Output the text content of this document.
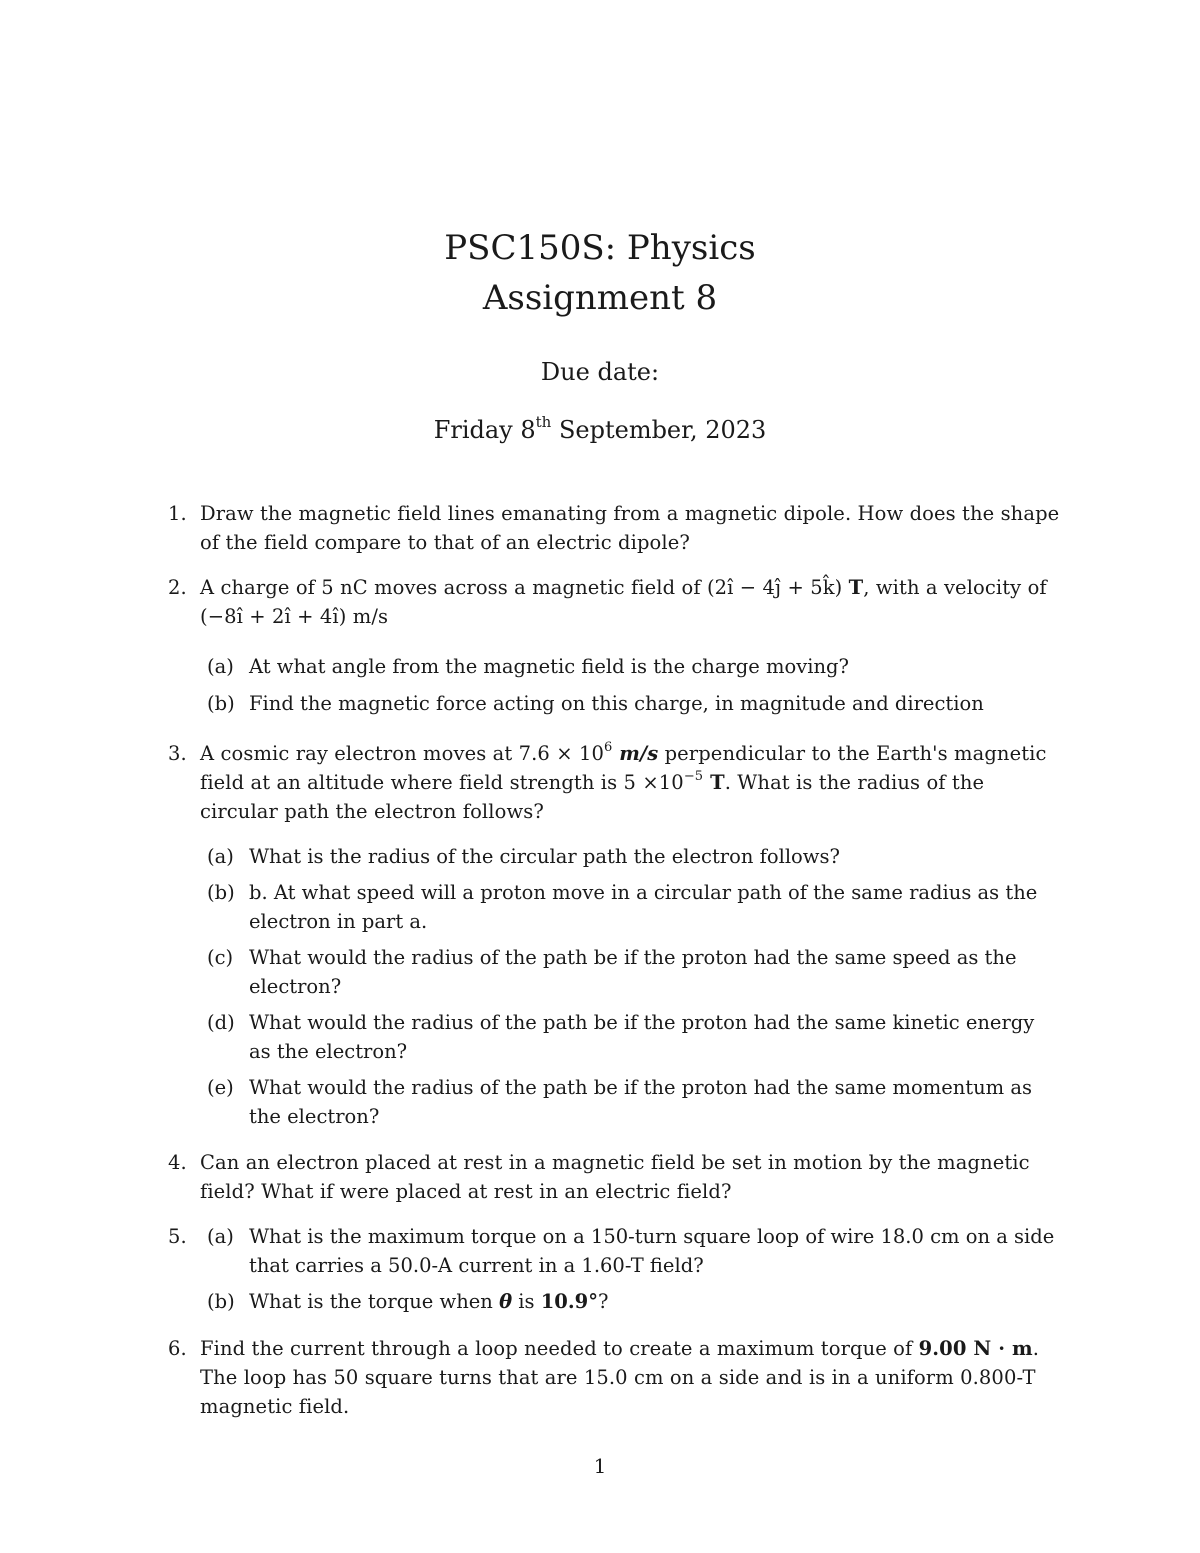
PSC150S: Physics
Assignment 8
Due date:
Friday 8th September, 2023
1. Draw the magnetic field lines emanating from a magnetic dipole. How does the shape of the field compare to that of an electric dipole?
2. A charge of 5 nC moves across a magnetic field of (2î − 4ĵ + 5k̂) T, with a velocity of (−8î + 2î + 4î) m/s
(a) At what angle from the magnetic field is the charge moving?
(b) Find the magnetic force acting on this charge, in magnitude and direction
3. A cosmic ray electron moves at $7.6 \times 10^6$ m/s perpendicular to the Earth's magnetic field at an altitude where field strength is $5 \times 10^{-5}$ T. What is the radius of the circular path the electron follows?
(a) What is the radius of the circular path the electron follows?
(b) b. At what speed will a proton move in a circular path of the same radius as the electron in part a.
(c) What would the radius of the path be if the proton had the same speed as the electron?
(d) What would the radius of the path be if the proton had the same kinetic energy as the electron?
(e) What would the radius of the path be if the proton had the same momentum as the electron?
4. Can an electron placed at rest in a magnetic field be set in motion by the magnetic field? What if were placed at rest in an electric field?
5.	(a) What is the maximum torque on a 150-turn square loop of wire 18.0 cm on a side that carries a 50.0-A current in a 1.60-T field?
(b) What is the torque when θ is 10.9°?
6. Find the current through a loop needed to create a maximum torque of 9.00 N · m. The loop has 50 square turns that are 15.0 cm on a side and is in a uniform 0.800-T magnetic field.
1
